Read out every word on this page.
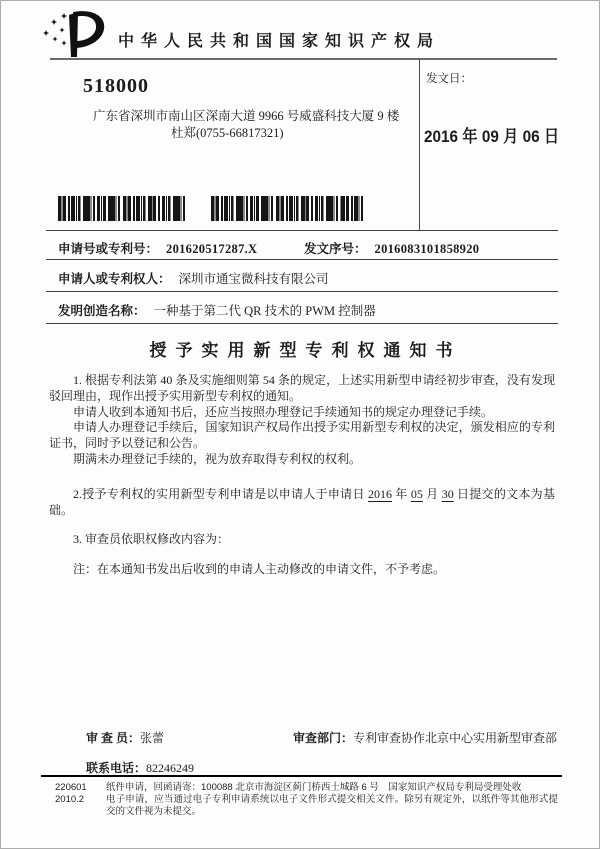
中华人民共和国国家知识产权局
518000
广东省深圳市南山区深南大道 9966 号威盛科技大厦 9 楼
杜郑(0755-66817321)
发文日：
2016 年 09 月 06 日
申请号或专利号： 201620517287.X	发文序号： 2016083101858920
申请人或专利权人： 深圳市通宝微科技有限公司
发明创造名称： 一种基于第二代 QR 技术的 PWM 控制器
授予实用新型专利权通知书

1. 根据专利法第 40 条及实施细则第 54 条的规定，上述实用新型申请经初步审查，没有发现驳回理由，现作出授予实用新型专利权的通知。

申请人收到本通知书后，还应当按照办理登记手续通知书的规定办理登记手续。

申请人办理登记手续后，国家知识产权局作出授予实用新型专利权的决定，颁发相应的专利证书，同时予以登记和公告。

期满未办理登记手续的，视为放弃取得专利权的权利。

2.授予专利权的实用新型专利申请是以申请人于申请日 2016 年 05 月 30 日提交的文本为基础。

3. 审查员依职权修改内容为：

注：在本通知书发出后收到的申请人主动修改的申请文件，不予考虑。

审 查 员：张蕾	审查部门：专利审查协作北京中心实用新型审查部
联系电话：82246249
220601
2010.2

纸件申请，回函请寄：100088 北京市海淀区蓟门桥西土城路 6 号　国家知识产权局专利局受理处收

电子申请，应当通过电子专利申请系统以电子文件形式提交相关文件。除另有规定外，以纸件等其他形式提交的文件视为未提交。
